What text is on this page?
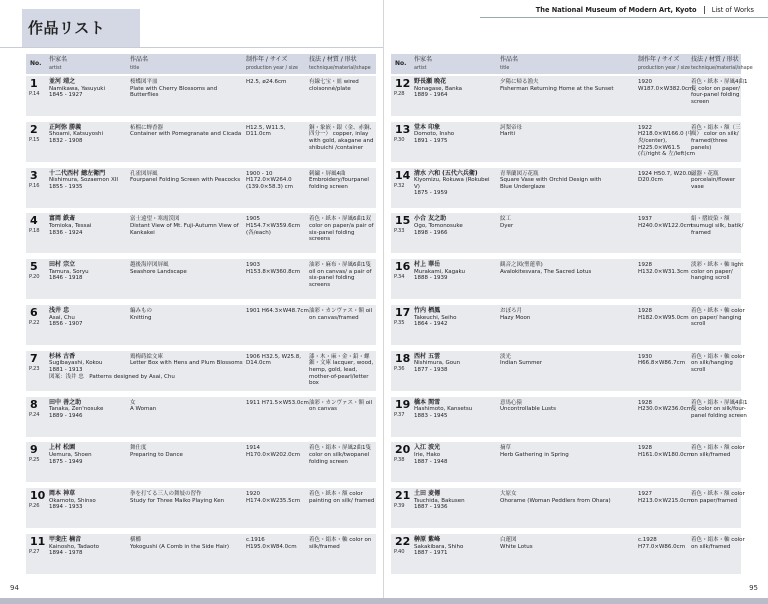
作品リスト
No.
作家名
artist
作品名
title
制作年 / サイズ
production year / size
技法 / 材質 / 形状
technique/material/shape
1
P.14
並河 靖之
Namikawa, Yasuyuki
1845 - 1927
桜蝶図平皿
Plate with Cherry Blossoms and Butterflies
H2.5, ø24.6cm	有線七宝・皿 wired cloisonné/plate
2
P.15
正阿弥 勝義
Shoami, Katsuyoshi
1832 - 1908
柘榴に蝉香器
Container with Pomegranate and Cicada
H12.5, W11.5, D11.0cm
銅・象嵌・銀（金、赤銅、四分一） copper, inlay with gold, akagane and shibuichi /container
3
P.16
十二代西村 總左衛門
Nishimura, Sozaemon XII
1855 - 1935
孔雀図屏風
Fourpanel Folding Screen with Peacocks
1900 - 10 H172.0×W264.0 (139.0×58.3) cm
刺繍・屏風4曲 Embroidery/fourpanel folding screen
4
P.18
富岡 鉄斎
Tomioka, Tessai
1836 - 1924
富士遠望・寒霞渓図
Distant View of Mt. Fuji-Autumn View of Kankakei
1905 H154.7×W359.6cm (各/each)
着色・紙本・屏風6曲1双 color on paper/a pair of six-panel folding screens
5
P.20
田村 宗立
Tamura, Soryu
1846 - 1918
越後海岸図屏風
Seashore Landscape
1903 H153.8×W360.8cm
油彩・麻布・屏風6曲1隻 oil on canvas/ a pair of six-panel folding screens
6
P.22
浅井 忠
Asai, Chu
1856 - 1907
編みもの
Knitting
1901 H64.3×W48.7cm 油彩・カンヴァス・額 oil on canvas/framed
7
P.23
杉林 古香
Sugibayashi, Kokou
1881 - 1913
図案：浅井 忠　Patterns designed by Asai, Chu
鶏梅蒔絵文庫
Letter Box with Hens and Plum Blossoms
1906 H32.5, W25.8, D14.0cm
漆・木・麻・金・鉛・螺鈿・文庫 lacquer, wood, hemp, gold, lead, mother-of-pearl/letter box
8
P.24
田中 善之助
Tanaka, Zen'nosuke
1889 - 1946
女
A Woman
1911 H71.5×W53.0cm 油彩・カンヴァス・額 oil on canvas
9
P.25
上村 松園
Uemura, Shoen
1875 - 1949
舞仕度
Preparing to Dance
1914 H170.0×W202.0cm
着色・絹本・屏風2曲1隻 color on silk/twopanel folding screen
10
P.26
岡本 神草
Okamoto, Shinso
1894 - 1933
拳を打てる三人の舞妓の習作
Study for Three Maiko Playing Ken
1920 H174.0×W235.5cm
着色・紙本・額 color painting on silk/ framed
11
P.27
甲斐庄 楠音
Kainosho, Tadaoto
1894 - 1978
横櫛
Yokogushi (A Comb in the Side Hair)
c.1916 H195.0×W84.0cm
着色・絹本・軸 color on silk/framed
94
No.
作家名
artist
作品名
title
制作年 / サイズ
production year / size
技法 / 材質 / 形状
technique/material/shape
12
P.28
野長瀬 晩花
Nonagase, Banka
1889 - 1964
夕陽に帰る漁夫
Fisherman Returning Home at the Sunset
1920 W187.0×W382.0cm
着色・紙本・屏風4曲1隻 color on paper/ four-panel folding screen
13
P.30
堂本 印象
Domoto, Insho
1891 - 1975
訶梨帝母
Hariti
1922 H218.0×W166.0 (中央/center), H225.0×W61.5 (右/right & 左/left)cm
着色・絹本・額（三面） color on silk/ framed(three panels)
14
P.32
清水 六和 (五代六兵衛)
Kiyomizu, Rokuwa (Rokubei V)
1875 - 1959
青華蘭図万花瓶
Square Vase with Orchid Design with Blue Underglaze
1924 H50.7, W20.0, D20.0cm
磁器・花瓶 porcelain/flower vase
15
P.33
小合 友之助
Ogo, Tomonosuke
1898 - 1966
紋工
Dyer
1937 H240.0×W122.0cm
絹・摺絞染・額 tsumugi silk, batik/ framed
16
P.34
村上 華岳
Murakami, Kagaku
1888 - 1939
観音之図(聖蓮華)
Avalokitesvara, The Sacred Lotus
1928 H132.0×W31.3cm
淡彩・紙本・軸 light color on paper/ hanging scroll
17
P.35
竹内 栖鳳
Takeuchi, Seiho
1864 - 1942
おぼろ月
Hazy Moon
1928 H182.0×W95.0cm
着色・紙本・軸 color on paper/ hanging scroll
18
P.36
西村 五雲
Nishimura, Goun
1877 - 1938
淡光
Indian Summer
1930 H66.8×W86.7cm
着色・絹本・軸 color on silk/hanging scroll
19
P.37
橋本 関雪
Hashimoto, Kansetsu
1883 - 1945
意馬心猿
Uncontrollable Lusts
1928 H230.0×W236.0cm
着色・絹本・屏風4曲1隻 color on silk/four-panel folding screen
20
P.38
入江 波光
Irie, Hako
1887 - 1948
摘草
Herb Gathering in Spring
1928 H161.0×W180.0cm
着色・絹本・額 color on silk/framed
21
P.39
土田 麦僊
Tsuchida, Bakusen
1887 - 1936
大原女
Ohorame (Woman Peddlers from Ohara)
1927 H213.0×W215.0cm
着色・紙本・額 color on paper/framed
22
P.40
榊原 紫峰
Sakakibara, Shiho
1887 - 1971
白蓮図
White Lotus
c.1928 H77.0×W86.0cm
着色・絹本・軸 color on silk/framed
95
The National Museum of Modern Art, Kyoto List of Works
